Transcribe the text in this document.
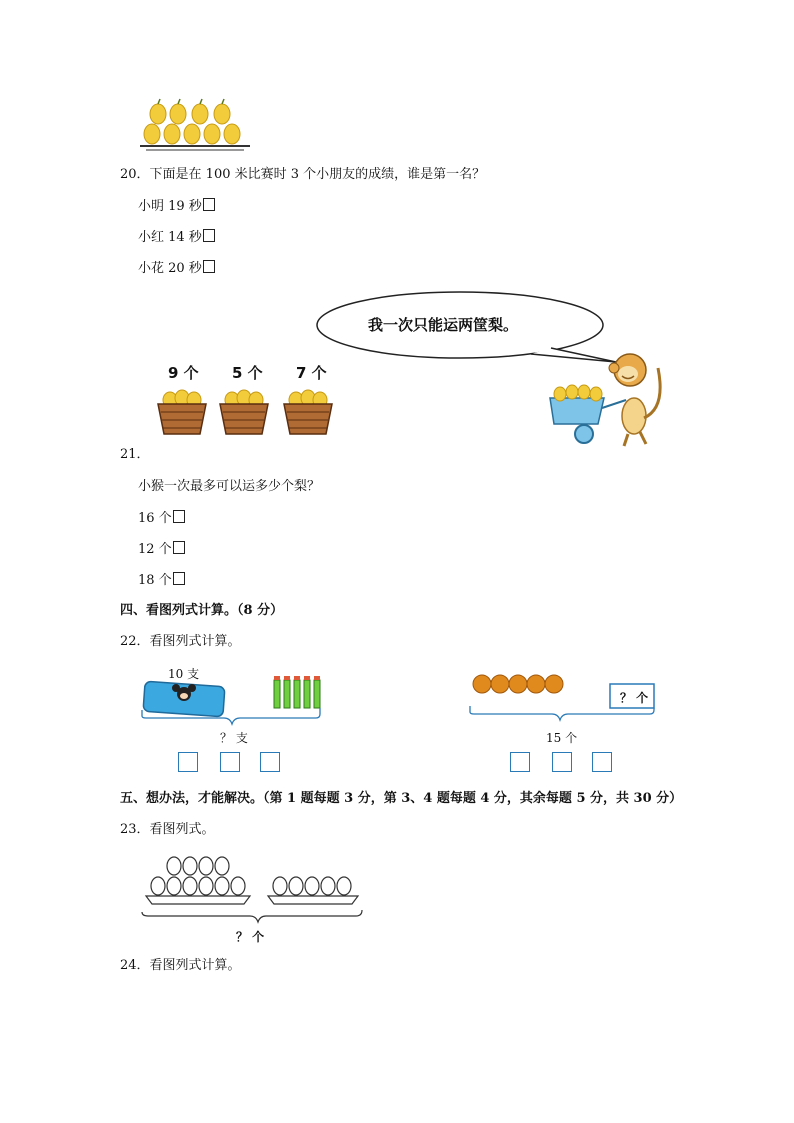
20．下面是在 100 米比赛时 3 个小朋友的成绩，谁是第一名？
小明 19 秒
小红 14 秒
小花 20 秒
我一次只能运两筐梨。
9 个 5 个 7 个
21．
小猴一次最多可以运多少个梨？
16 个
12 个
18 个
四、看图列式计算。（8 分）
22．看图列式计算。
10 支
？ 支
？ 个
15 个
五、想办法，才能解决。（第 1 题每题 3 分，第 3、4 题每题 4 分，其余每题 5 分，共 30 分）
23．看图列式。
？ 个
24．看图列式计算。
